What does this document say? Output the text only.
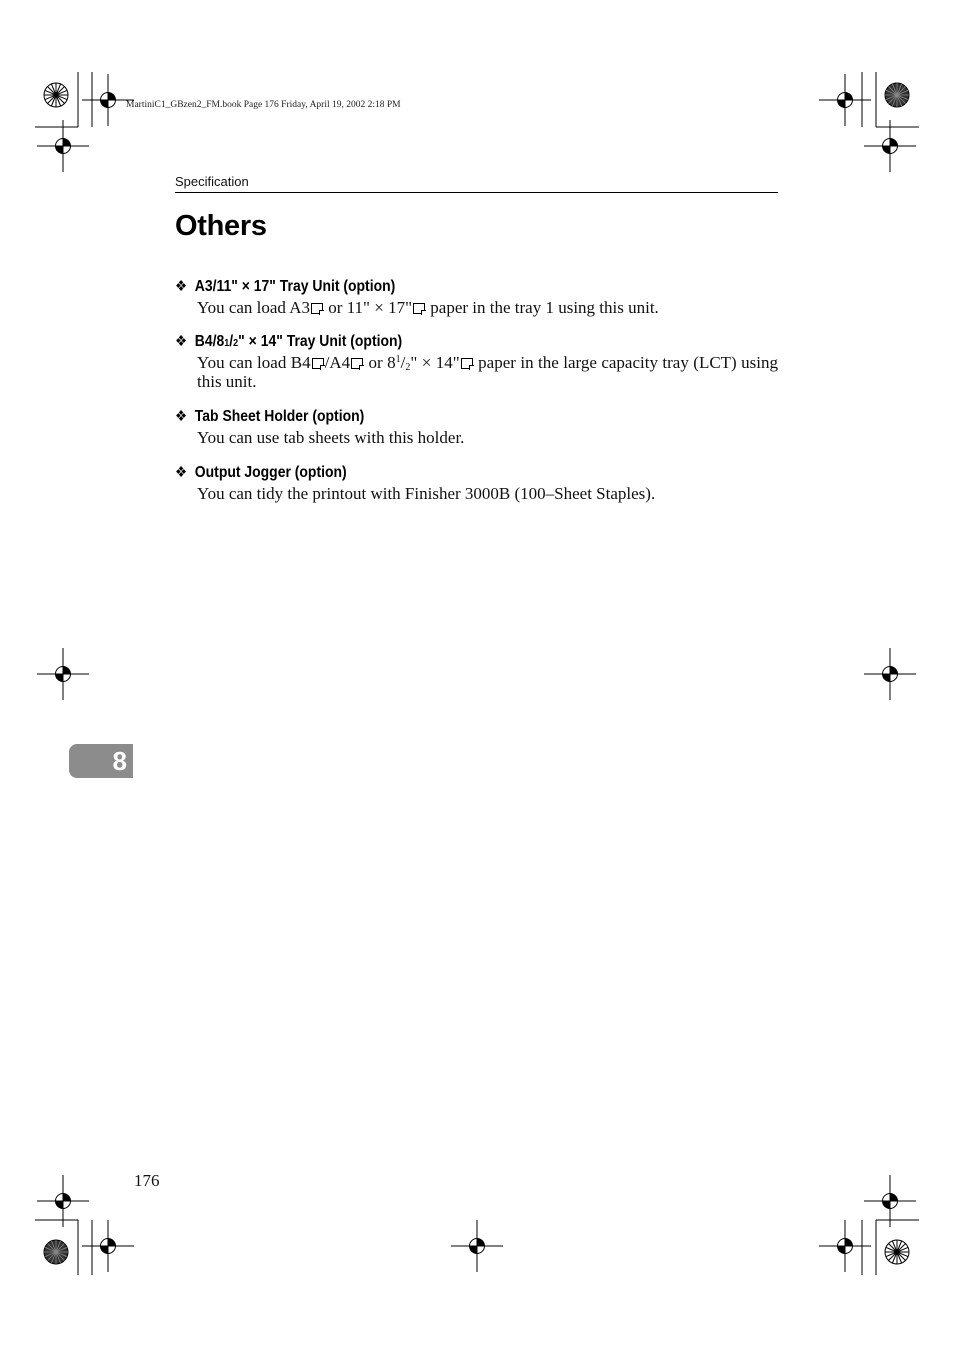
MartiniC1_GBzen2_FM.book Page 176 Friday, April 19, 2002 2:18 PM
Specification
Others
❖ A3/11" × 17" Tray Unit (option)
You can load A3 or 11" × 17" paper in the tray 1 using this unit.
❖ B4/8 1 / 2 " × 14" Tray Unit (option)
You can load B4 /A4 or $8^1/_2$" × 14" paper in the large capacity tray (LCT) using this unit.
❖ Tab Sheet Holder (option)
You can use tab sheets with this holder.
❖ Output Jogger (option)
You can tidy the printout with Finisher 3000B (100–Sheet Staples).
8
176
